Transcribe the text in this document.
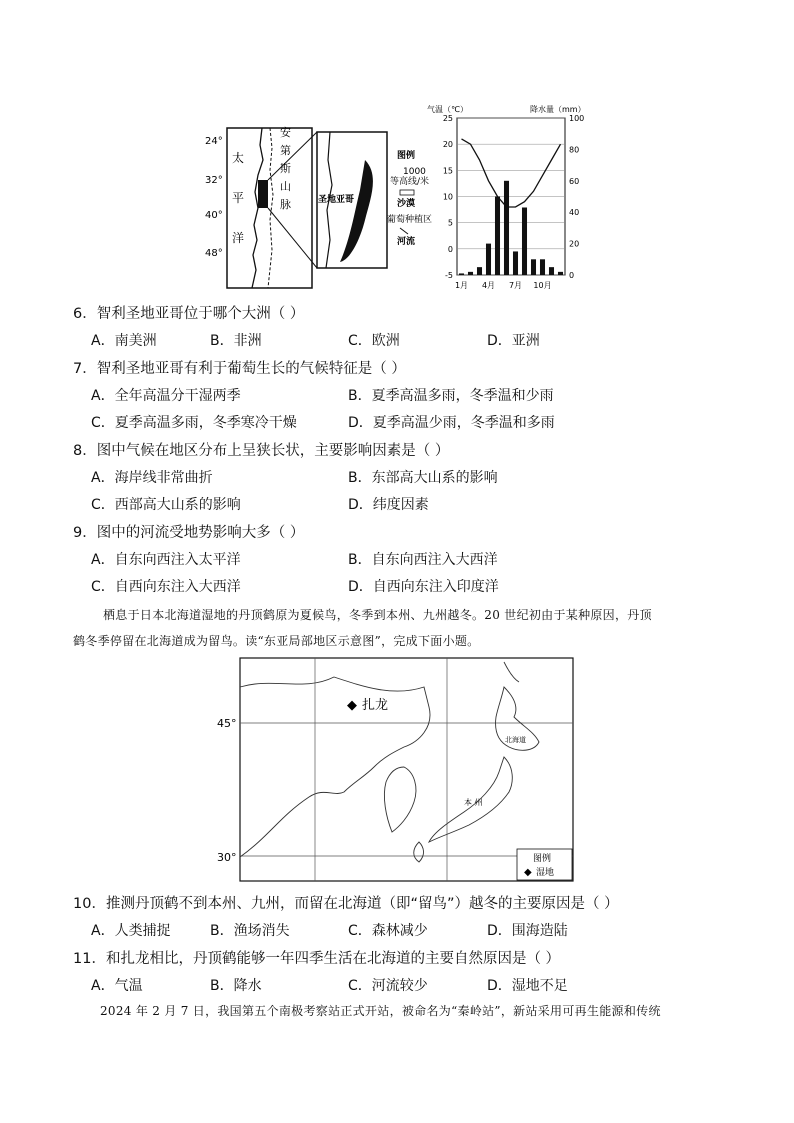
24°
32°
40°
48°
太
平
洋
安
第
斯
山
脉	圣地亚哥
图例
1000
等高线/米
沙漠
葡萄种植区
河流
气温（℃）	降水量（mm）
-5
0
5
10
15
20
25
0
20
40
60
80
100
1月 4月 7月 10月
6．智利圣地亚哥位于哪个大洲（ ）
A．南美洲	B．非洲	C．欧洲	D．亚洲
7．智利圣地亚哥有利于葡萄生长的气候特征是（ ）
A．全年高温分干湿两季	B．夏季高温多雨，冬季温和少雨
C．夏季高温多雨，冬季寒冷干燥	D．夏季高温少雨，冬季温和多雨
8．图中气候在地区分布上呈狭长状，主要影响因素是（ ）
A．海岸线非常曲折	B．东部高大山系的影响
C．西部高大山系的影响	D．纬度因素
9．图中的河流受地势影响大多（ ）
A．自东向西注入太平洋	B．自东向西注入大西洋
C．自西向东注入大西洋	D．自西向东注入印度洋
栖息于日本北海道湿地的丹顶鹤原为夏候鸟，冬季到本州、九州越冬。20 世纪初由于某种原因，丹顶
鹤冬季停留在北海道成为留鸟。读“东亚局部地区示意图”，完成下面小题。
45°
30°
◆ 扎龙
北海道
本 州
图例
◆ 湿地
10．推测丹顶鹤不到本州、九州，而留在北海道（即“留鸟”）越冬的主要原因是（ ）
A．人类捕捉	B．渔场消失	C．森林减少	D．围海造陆
11．和扎龙相比，丹顶鹤能够一年四季生活在北海道的主要自然原因是（ ）
A．气温	B．降水	C．河流较少	D．湿地不足
2024 年 2 月 7 日，我国第五个南极考察站正式开站，被命名为“秦岭站”，新站采用可再生能源和传统
